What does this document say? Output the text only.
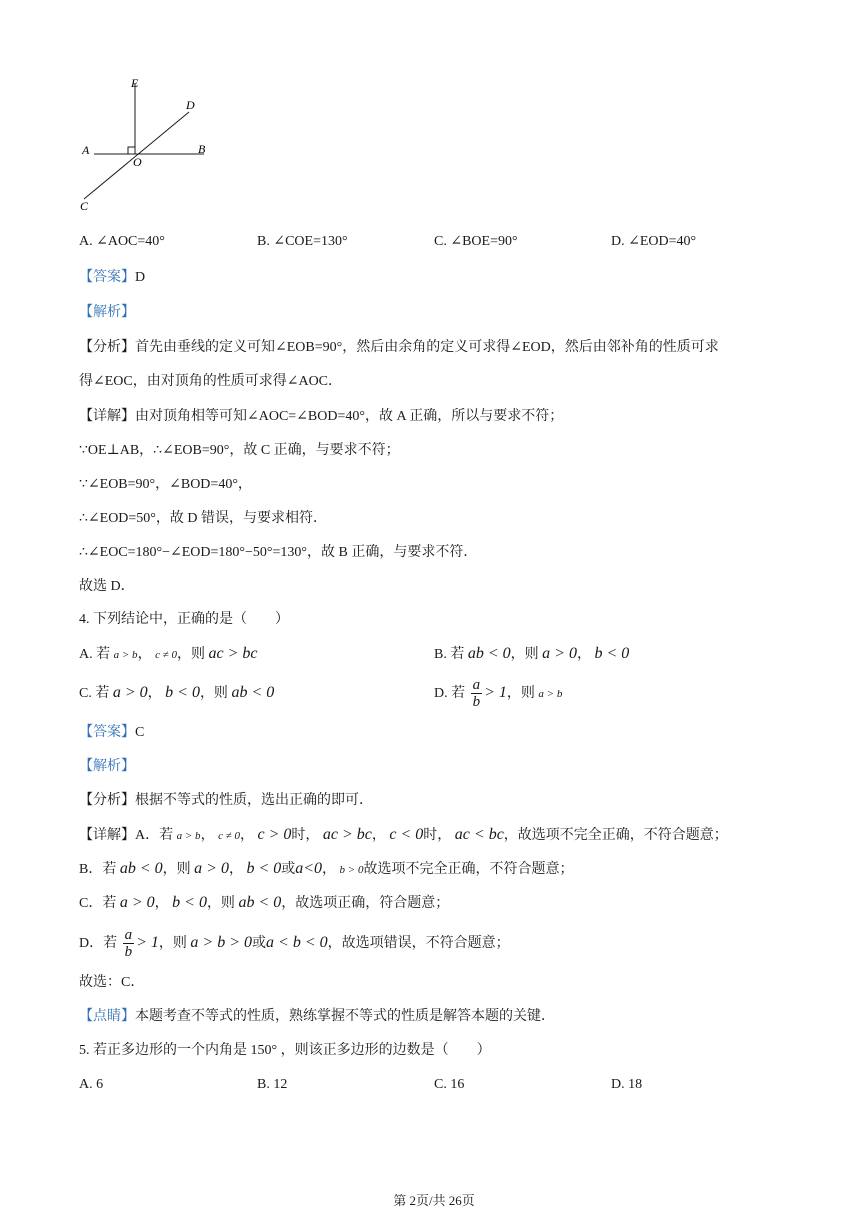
E
D
A	B
O
C
A. ∠AOC=40°	B. ∠COE=130°	C. ∠BOE=90°	D. ∠EOD=40°
【答案】D
【解析】
【分析】首先由垂线的定义可知∠EOB=90°，然后由余角的定义可求得∠EOD，然后由邻补角的性质可求
得∠EOC，由对顶角的性质可求得∠AOC．
【详解】由对顶角相等可知∠AOC=∠BOD=40°，故 A 正确，所以与要求不符；
∵OE⊥AB，∴∠EOB=90°，故 C 正确，与要求不符；
∵∠EOB=90°，∠BOD=40°，
∴∠EOD=50°，故 D 错误，与要求相符．
∴∠EOC=180°−∠EOD=180°−50°=130°，故 B 正确，与要求不符．
故选 D．
4. 下列结论中，正确的是（　　）
A. 若 a > b， c ≠ 0，则 ac > bc	B. 若 ab < 0，则 a > 0， b < 0
C. 若 a > 0， b < 0，则 ab < 0	D. 若 $\frac{a}{b} > 1$，则 a > b
【答案】C
【解析】
【分析】根据不等式的性质，选出正确的即可．
【详解】A．若 a > b， c ≠ 0， c > 0时， ac > bc， c < 0时， ac < bc，故选项不完全正确，不符合题意；
B．若 ab < 0，则 a > 0， b < 0或a<0， b > 0故选项不完全正确，不符合题意；
C．若 a > 0， b < 0，则 ab < 0，故选项正确，符合题意；
D．若 $\frac{a}{b} > 1$，则 a > b > 0或a < b < 0，故选项错误，不符合题意；
故选：C．
【点睛】本题考查不等式的性质，熟练掌握不等式的性质是解答本题的关键．
5. 若正多边形的一个内角是 150° ，则该正多边形的边数是（　　）
A. 6	B. 12	C. 16	D. 18
第 2页/共 26页
